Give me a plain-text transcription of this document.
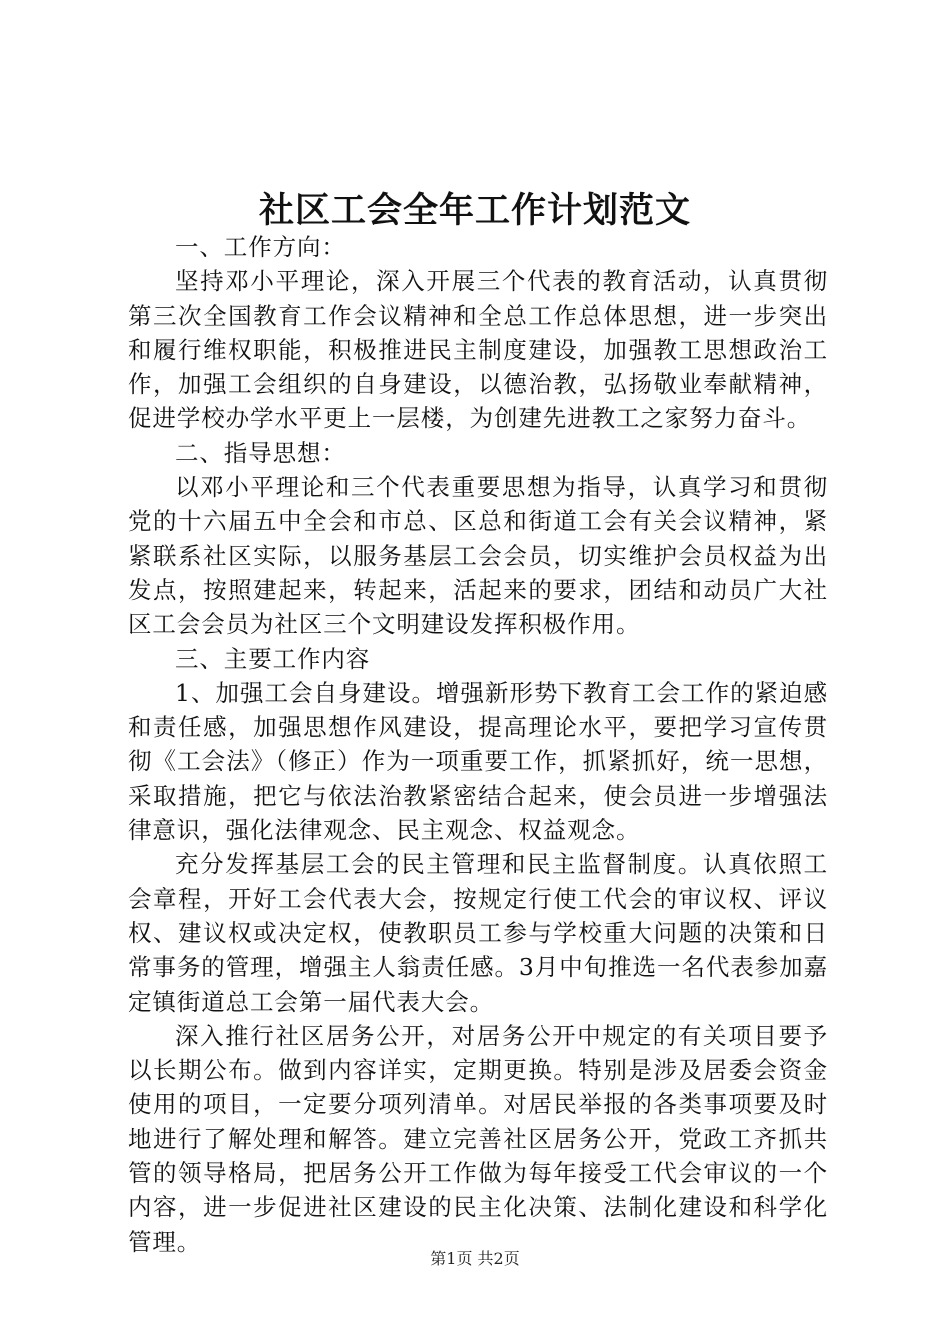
社区工会全年工作计划范文

一、工作方向：

坚持邓小平理论，深入开展三个代表的教育活动，认真贯彻第三次全国教育工作会议精神和全总工作总体思想，进一步突出和履行维权职能，积极推进民主制度建设，加强教工思想政治工作，加强工会组织的自身建设，以德治教，弘扬敬业奉献精神，促进学校办学水平更上一层楼，为创建先进教工之家努力奋斗。

二、指导思想：

以邓小平理论和三个代表重要思想为指导，认真学习和贯彻党的十六届五中全会和市总、区总和街道工会有关会议精神，紧紧联系社区实际，以服务基层工会会员，切实维护会员权益为出发点，按照建起来，转起来，活起来的要求，团结和动员广大社区工会会员为社区三个文明建设发挥积极作用。

三、主要工作内容

1、加强工会自身建设。增强新形势下教育工会工作的紧迫感和责任感，加强思想作风建设，提高理论水平，要把学习宣传贯彻《工会法》（修正）作为一项重要工作，抓紧抓好，统一思想，采取措施，把它与依法治教紧密结合起来，使会员进一步增强法律意识，强化法律观念、民主观念、权益观念。

充分发挥基层工会的民主管理和民主监督制度。认真依照工会章程，开好工会代表大会，按规定行使工代会的审议权、评议权、建议权或决定权，使教职员工参与学校重大问题的决策和日常事务的管理，增强主人翁责任感。3月中旬推选一名代表参加嘉定镇街道总工会第一届代表大会。

深入推行社区居务公开，对居务公开中规定的有关项目要予以长期公布。做到内容详实，定期更换。特别是涉及居委会资金使用的项目，一定要分项列清单。对居民举报的各类事项要及时地进行了解处理和解答。建立完善社区居务公开，党政工齐抓共管的领导格局，把居务公开工作做为每年接受工代会审议的一个内容，进一步促进社区建设的民主化决策、法制化建设和科学化管理。

第1页 共2页
